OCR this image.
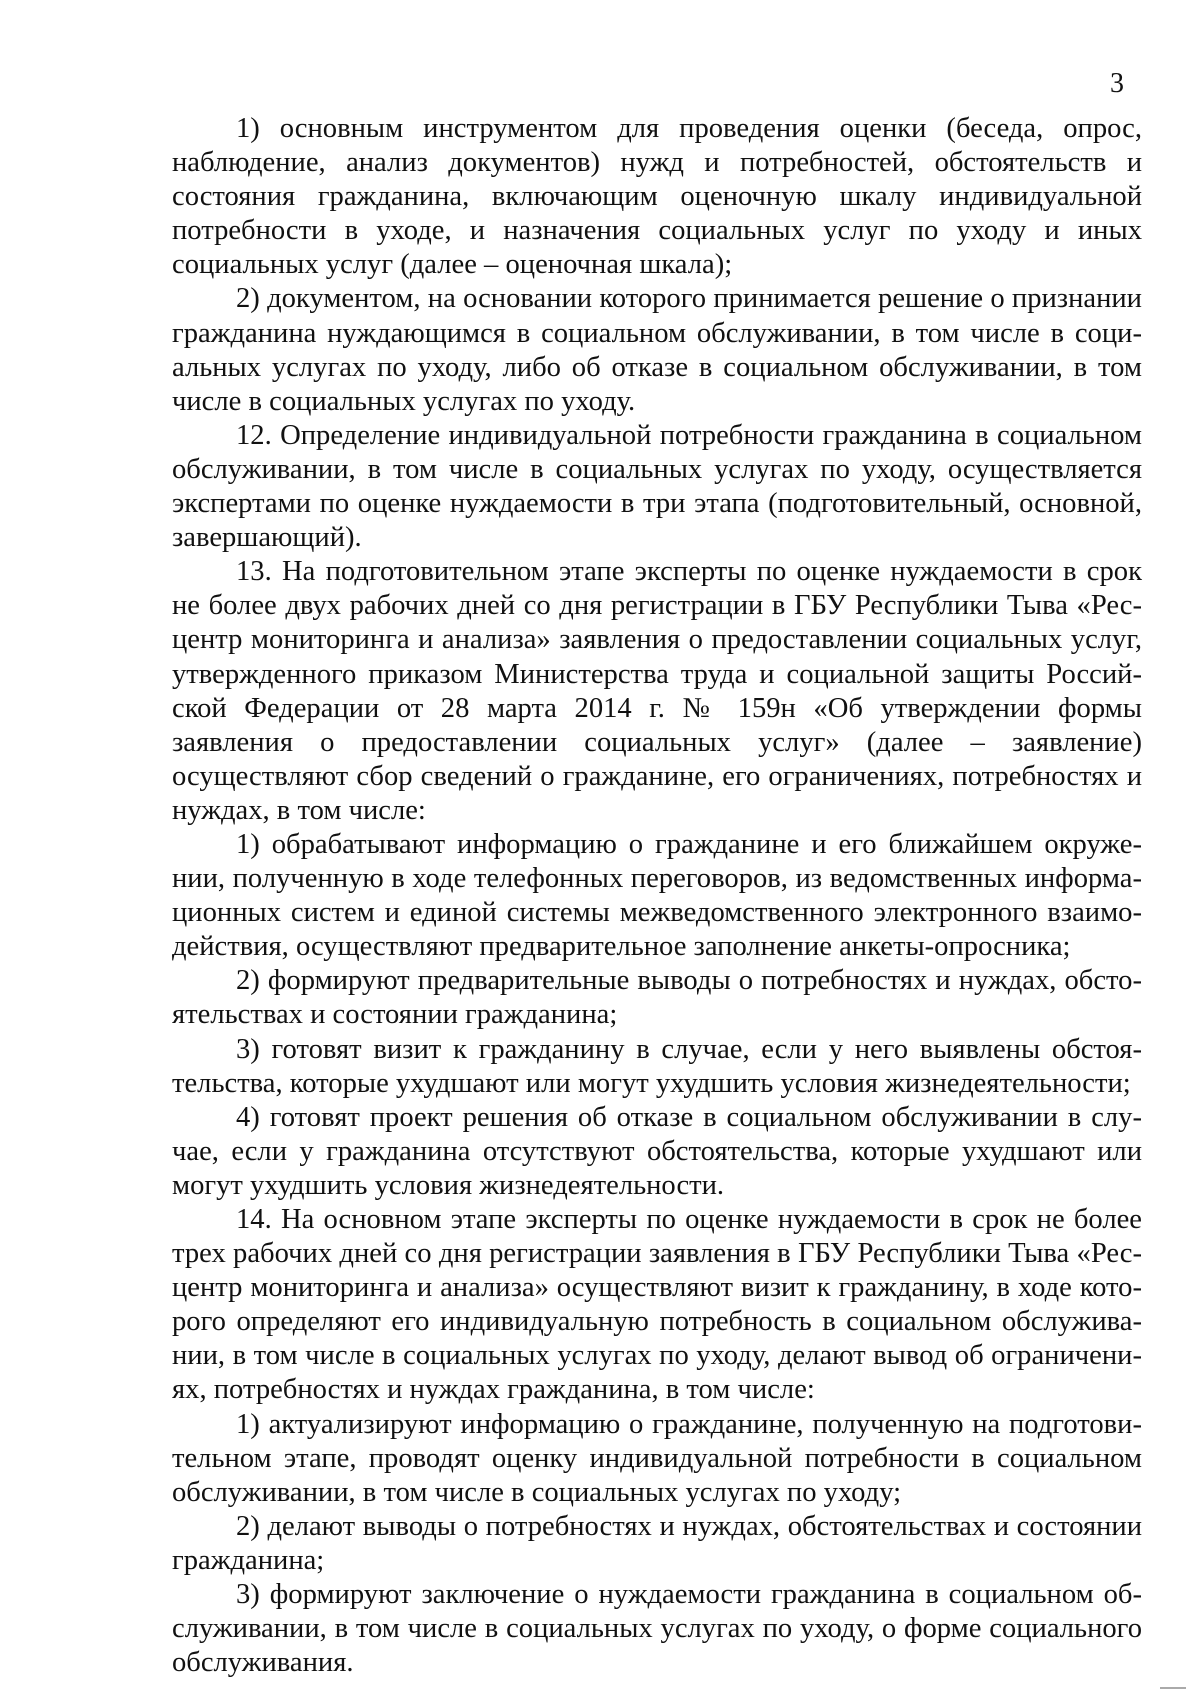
3

1) основным инструментом для проведения оценки (беседа, опрос, наблюдение, анализ документов) нужд и потребностей, обстоятельств и состояния гражданина, включающим оценочную шкалу индивидуальной потребности в уходе, и назначения социальных услуг по уходу и иных социальных услуг (далее – оценочная шкала);

2) документом, на основании которого принимается решение о признании гражданина нуждающимся в социальном обслуживании, в том числе в социальных услугах по уходу, либо об отказе в социальном обслуживании, в том числе в социальных услугах по уходу.

12. Определение индивидуальной потребности гражданина в социальном обслуживании, в том числе в социальных услугах по уходу, осуществляется экспертами по оценке нуждаемости в три этапа (подготовительный, основной, завершающий).

13. На подготовительном этапе эксперты по оценке нуждаемости в срок не более двух рабочих дней со дня регистрации в ГБУ Республики Тыва «Ресцентр мониторинга и анализа» заявления о предоставлении социальных услуг, утвержденного приказом Министерства труда и социальной защиты Российской Федерации от 28 марта 2014 г. № 159н «Об утверждении формы заявления о предоставлении социальных услуг» (далее – заявление) осуществляют сбор сведений о гражданине, его ограничениях, потребностях и нуждах, в том числе:

1) обрабатывают информацию о гражданине и его ближайшем окружении, полученную в ходе телефонных переговоров, из ведомственных информационных систем и единой системы межведомственного электронного взаимодействия, осуществляют предварительное заполнение анкеты-опросника;

2) формируют предварительные выводы о потребностях и нуждах, обстоятельствах и состоянии гражданина;

3) готовят визит к гражданину в случае, если у него выявлены обстоятельства, которые ухудшают или могут ухудшить условия жизнедеятельности;

4) готовят проект решения об отказе в социальном обслуживании в случае, если у гражданина отсутствуют обстоятельства, которые ухудшают или могут ухудшить условия жизнедеятельности.

14. На основном этапе эксперты по оценке нуждаемости в срок не более трех рабочих дней со дня регистрации заявления в ГБУ Республики Тыва «Ресцентр мониторинга и анализа» осуществляют визит к гражданину, в ходе которого определяют его индивидуальную потребность в социальном обслуживании, в том числе в социальных услугах по уходу, делают вывод об ограничениях, потребностях и нуждах гражданина, в том числе:

1) актуализируют информацию о гражданине, полученную на подготовительном этапе, проводят оценку индивидуальной потребности в социальном обслуживании, в том числе в социальных услугах по уходу;

2) делают выводы о потребностях и нуждах, обстоятельствах и состоянии гражданина;

3) формируют заключение о нуждаемости гражданина в социальном обслуживании, в том числе в социальных услугах по уходу, о форме социального обслуживания.
